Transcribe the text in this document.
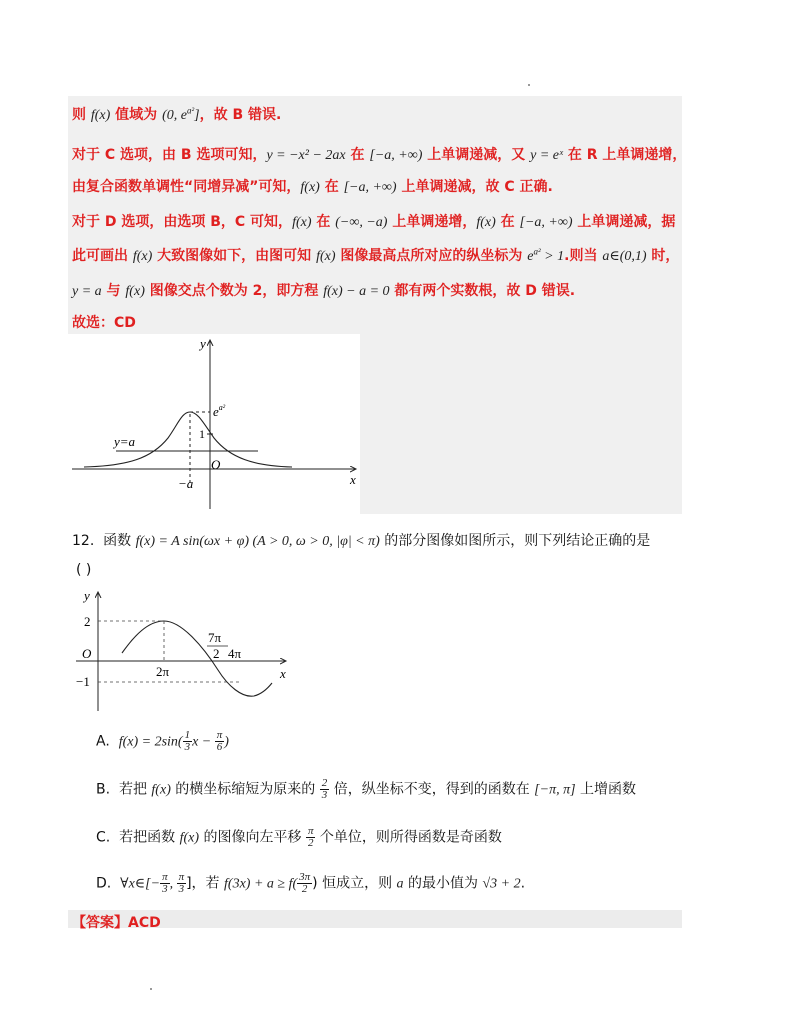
则 f(x) 值域为 (0, $e^{a^2}$]，故 B 错误.
对于 C 选项，由 B 选项可知，y = −x² − 2ax 在 [−a, +∞) 上单调递减，又 y = eˣ 在 R 上单调递增，
由复合函数单调性“同增异减”可知，f(x) 在 [−a, +∞) 上单调递减，故 C 正确.
对于 D 选项，由选项 B，C 可知，f(x) 在 (−∞, −a) 上单调递增，f(x) 在 [−a, +∞) 上单调递减，据
此可画出 f(x) 大致图像如下，由图可知 f(x) 图像最高点所对应的纵坐标为 $e^{a^2} > 1$.则当 a∈(0,1) 时，
y = a 与 f(x) 图像交点个数为 2，即方程 f(x) − a = 0 都有两个实数根，故 D 错误.
故选：CD
y
x
O
$e^{a^2}$
1
y=a
−a
12. 函数 f(x) = A sin(ωx + φ) (A > 0, ω > 0, |φ| < π) 的部分图像如图所示，则下列结论正确的是
( )
y
x
O
2
−1
2π
7π
2 4π
A. $f(x) = 2\sin( \frac{1}{3}$ $x - \frac{\pi}{6}$ )
B. 若把 f(x) 的横坐标缩短为原来的 $\frac{2}{3}$ 倍，纵坐标不变，得到的函数在 [−π, π] 上增函数
C. 若把函数 f(x) 的图像向左平移 $\frac{\pi}{2}$ 个单位，则所得函数是奇函数
D. ∀x∈[− $\frac{\pi}{3}$ , $\frac{\pi}{3}$ ]，若 $f(3x) + a \ge f( \frac{3\pi}{2}$ ) 恒成立，则 a 的最小值为 √3 + 2.
【答案】ACD
